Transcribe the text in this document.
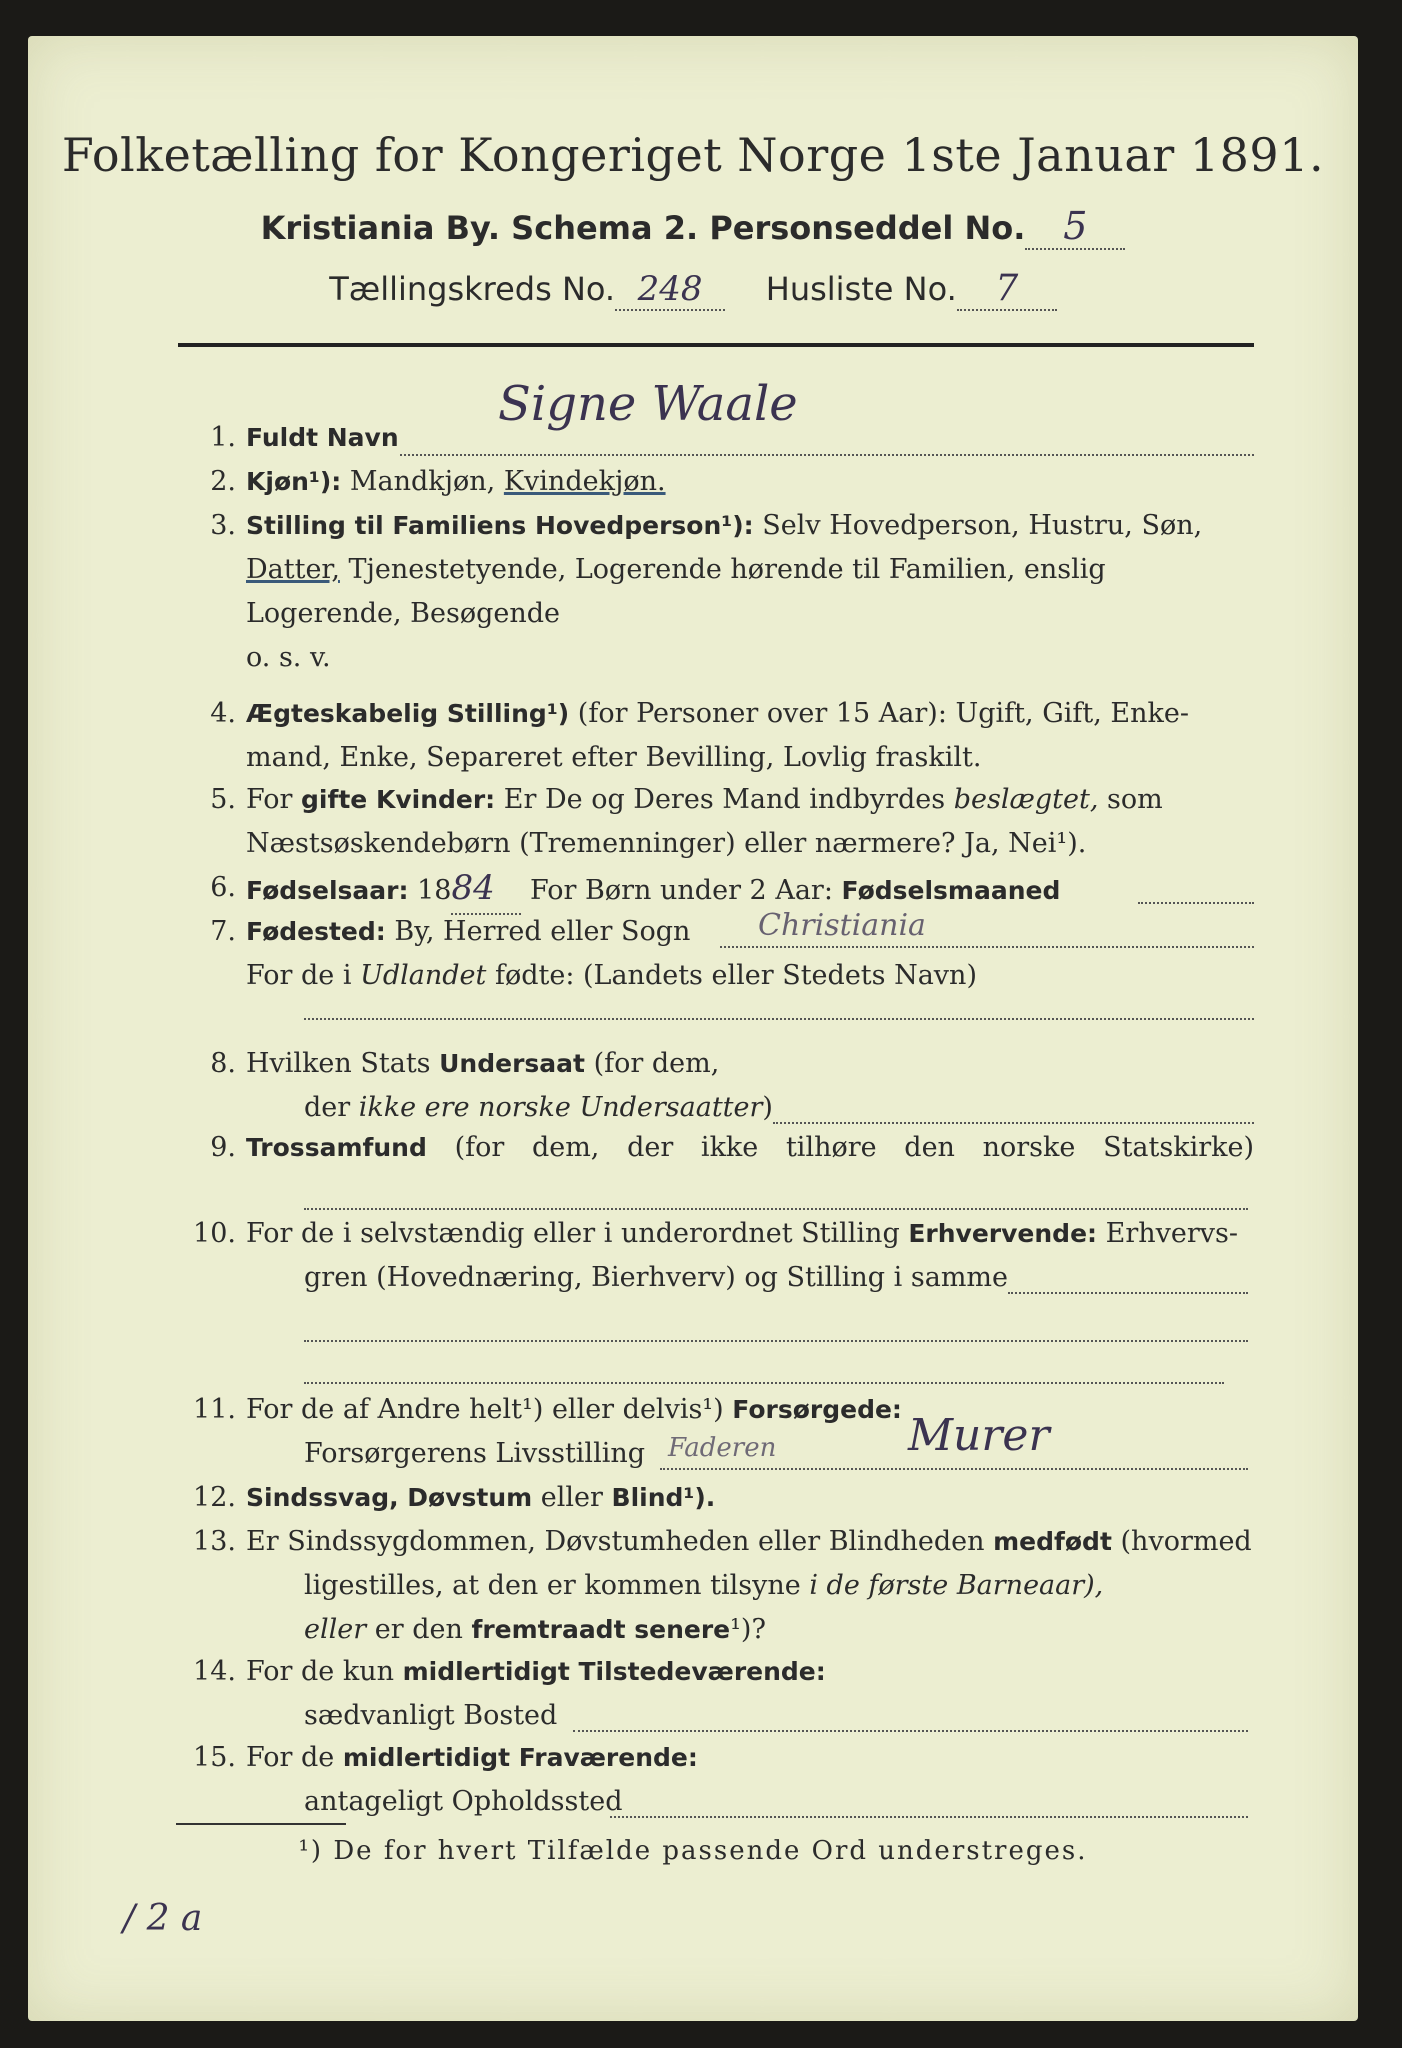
Folketælling for Kongeriget Norge 1ste Januar 1891.
Kristiania By. Schema 2. Personseddel No. 5
Tællingskreds No. 248 Husliste No. 7
1. Fuldt Navn
Signe Waale
2. Kjøn¹): Mandkjøn, Kvindekjøn.
3. Stilling til Familiens Hovedperson¹): Selv Hovedperson, Hustru, Søn,
Datter, Tjenestetyende, Logerende hørende til Familien, enslig
Logerende, Besøgende
o. s. v.
4. Ægteskabelig Stilling¹) (for Personer over 15 Aar): Ugift, Gift, Enke-
mand, Enke, Separeret efter Bevilling, Lovlig fraskilt.
5. For gifte Kvinder: Er De og Deres Mand indbyrdes beslægtet, som
Næstsøskendebørn (Tremenninger) eller nærmere? Ja, Nei¹).
6. Fødselsaar: 1884 For Børn under 2 Aar: Fødselsmaaned
7. Fødested: By, Herred eller Sogn
For de i Udlandet fødte: (Landets eller Stedets Navn)
Christiania
8. Hvilken Stats Undersaat (for dem,
der ikke ere norske Undersaatter)
9. Trossamfund (for dem, der ikke tilhøre den norske Statskirke)
10. For de i selvstændig eller i underordnet Stilling Erhvervende: Erhvervs-
gren (Hovednæring, Bierhverv) og Stilling i samme
11. For de af Andre helt¹) eller delvis¹) Forsørgede:
Forsørgerens Livsstilling Faderen	Murer
12. Sindssvag, Døvstum eller Blind¹).
13. Er Sindssygdommen, Døvstumheden eller Blindheden medfødt (hvormed
ligestilles, at den er kommen tilsyne i de første Barneaar),
eller er den fremtraadt senere¹)?
14. For de kun midlertidigt Tilstedeværende:
sædvanligt Bosted
15. For de midlertidigt Fraværende:
antageligt Opholdssted
¹) De for hvert Tilfælde passende Ord understreges.
/ 2 a
